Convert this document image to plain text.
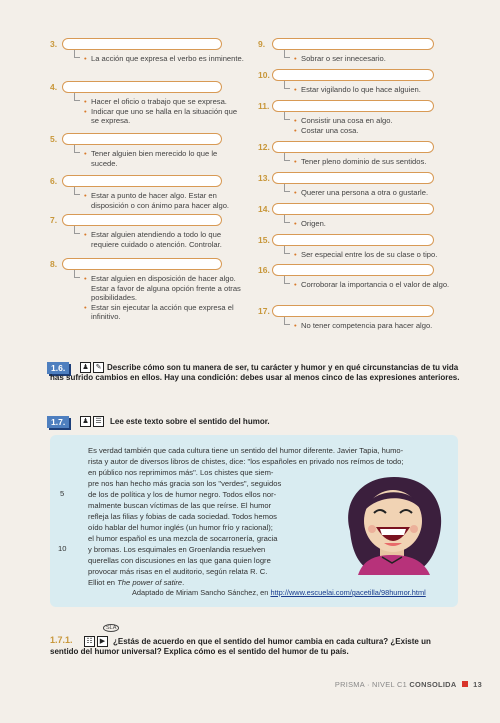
3.
• La acción que expresa el verbo es inminente.
4.
• Hacer el oficio o trabajo que se expresa.
• Indicar que uno se halla en la situación que se expresa.
5.
• Tener alguien bien merecido lo que le sucede.
6.
• Estar a punto de hacer algo. Estar en disposición o con ánimo para hacer algo.
7.
• Estar alguien atendiendo a todo lo que requiere cuidado o atención. Controlar.
8.
• Estar alguien en disposición de hacer algo. Estar a favor de alguna opción frente a otras posibilidades.
• Estar sin ejecutar la acción que expresa el infinitivo.
9.
• Sobrar o ser innecesario.
10.
• Estar vigilando lo que hace alguien.
11.
• Consistir una cosa en algo.
• Costar una cosa.
12.
• Tener pleno dominio de sus sentidos.
13.
• Querer una persona a otra o gustarle.
14.
• Origen.
15.
• Ser especial entre los de su clase o tipo.
16.
• Corroborar la importancia o el valor de algo.
17.
• No tener competencia para hacer algo.
1.6.	♟ ✎ Describe cómo son tu manera de ser, tu carácter y humor y en qué circunstancias de tu vida has sufrido cambios en ellos. Hay una condición: debes usar al menos cinco de las expresiones anteriores.
1.7.	♟ ☰ Lee este texto sobre el sentido del humor.
Es verdad también que cada cultura tiene un sentido del humor diferente. Javier Tapia, humo-
rista y autor de diversos libros de chistes, dice: "los españoles en privado nos reímos de todo;
en público nos reprimimos más". Los chistes que siem-
pre nos han hecho más gracia son los "verdes", seguidos
de los de política y los de humor negro. Todos ellos nor-
malmente buscan víctimas de las que reírse. El humor
refleja las filias y fobias de cada sociedad. Todos hemos
oído hablar del humor inglés (un humor frío y racional);
el humor español es una mezcla de socarronería, gracia
y bromas. Los esquimales en Groenlandia resuelven
querellas con discusiones en las que gana quien logre
provocar más risas en el auditorio, según relata R. C.
Elliot en The power of satire.
5
10
Adaptado de Miriam Sancho Sánchez, en http://www.escuelai.com/gacetilla/98humor.html
1.7.1.	☷	▶
SLA
¿Estás de acuerdo en que el sentido del humor cambia en cada cultura? ¿Existe un sentido del humor universal? Explica cómo es el sentido del humor de tu país.
PRISMA · NIVEL C1 CONSOLIDA 13
